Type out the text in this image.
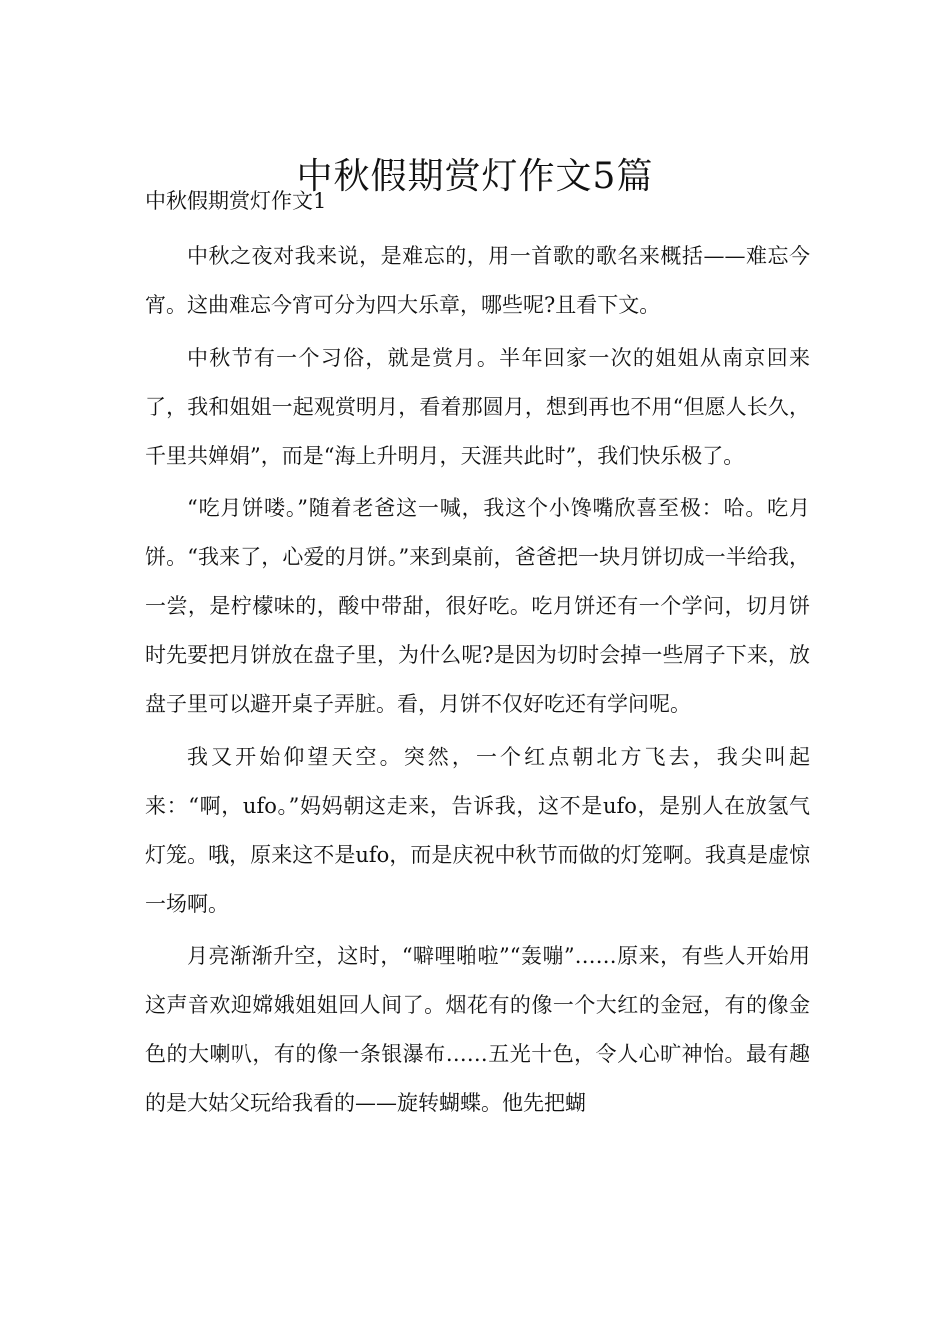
中秋假期赏灯作文5篇
中秋假期赏灯作文1

中秋之夜对我来说，是难忘的，用一首歌的歌名来概括——难忘今宵。这曲难忘今宵可分为四大乐章，哪些呢?且看下文。

中秋节有一个习俗，就是赏月。半年回家一次的姐姐从南京回来了，我和姐姐一起观赏明月，看着那圆月，想到再也不用“但愿人长久，千里共婵娟”，而是“海上升明月，天涯共此时”，我们快乐极了。

“吃月饼喽。”随着老爸这一喊，我这个小馋嘴欣喜至极：哈。吃月饼。“我来了，心爱的月饼。”来到桌前，爸爸把一块月饼切成一半给我，一尝，是柠檬味的，酸中带甜，很好吃。吃月饼还有一个学问，切月饼时先要把月饼放在盘子里，为什么呢?是因为切时会掉一些屑子下来，放盘子里可以避开桌子弄脏。看，月饼不仅好吃还有学问呢。

我又开始仰望天空。突然，一个红点朝北方飞去，我尖叫起来：“啊，ufo。”妈妈朝这走来，告诉我，这不是ufo，是别人在放氢气灯笼。哦，原来这不是ufo，而是庆祝中秋节而做的灯笼啊。我真是虚惊一场啊。

月亮渐渐升空，这时，“噼哩啪啦”“轰嘣”……原来，有些人开始用这声音欢迎嫦娥姐姐回人间了。烟花有的像一个大红的金冠，有的像金色的大喇叭，有的像一条银瀑布……五光十色，令人心旷神怡。最有趣的是大姑父玩给我看的——旋转蝴蝶。他先把蝴
